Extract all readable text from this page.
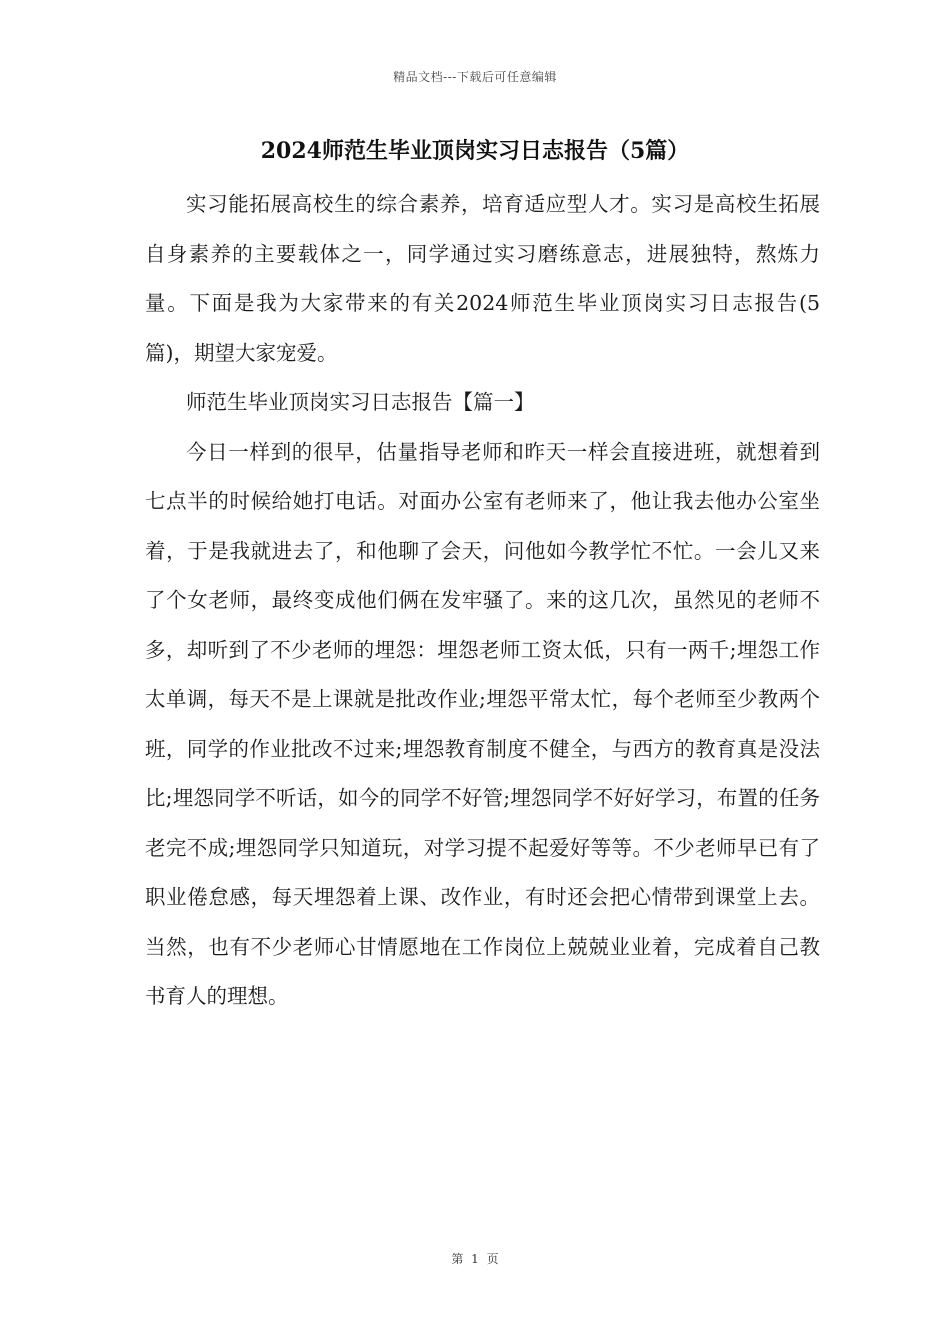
精品文档---下载后可任意编辑
2024师范生毕业顶岗实习日志报告（5篇）

实习能拓展高校生的综合素养，培育适应型人才。实习是高校生拓展自身素养的主要载体之一，同学通过实习磨练意志，进展独特，熬炼力量。下面是我为大家带来的有关2024师范生毕业顶岗实习日志报告(5篇)，期望大家宠爱。

师范生毕业顶岗实习日志报告【篇一】

今日一样到的很早，估量指导老师和昨天一样会直接进班，就想着到七点半的时候给她打电话。对面办公室有老师来了，他让我去他办公室坐着，于是我就进去了，和他聊了会天，问他如今教学忙不忙。一会儿又来了个女老师，最终变成他们俩在发牢骚了。来的这几次，虽然见的老师不多，却听到了不少老师的埋怨：埋怨老师工资太低，只有一两千;埋怨工作太单调，每天不是上课就是批改作业;埋怨平常太忙，每个老师至少教两个班，同学的作业批改不过来;埋怨教育制度不健全，与西方的教育真是没法比;埋怨同学不听话，如今的同学不好管;埋怨同学不好好学习，布置的任务老完不成;埋怨同学只知道玩，对学习提不起爱好等等。不少老师早已有了职业倦怠感，每天埋怨着上课、改作业，有时还会把心情带到课堂上去。当然，也有不少老师心甘情愿地在工作岗位上兢兢业业着，完成着自己教书育人的理想。

第 1 页
